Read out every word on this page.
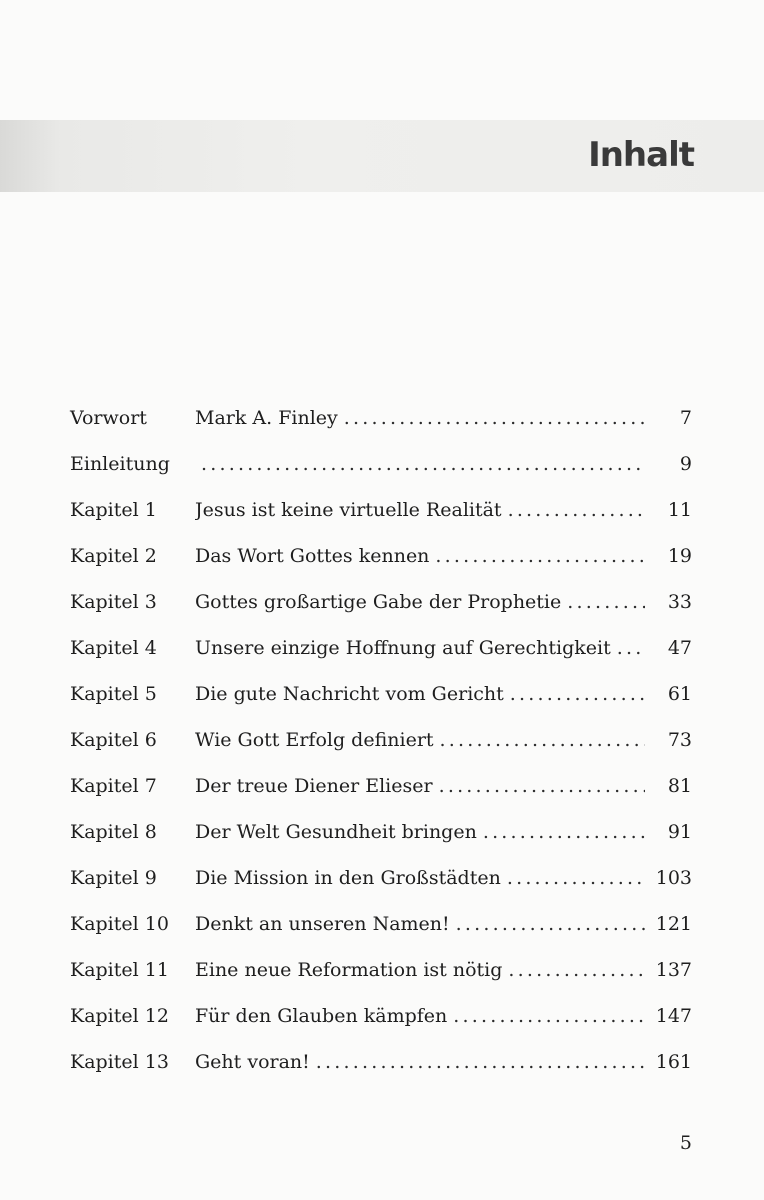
Inhalt
Vorwort	Mark A. Finley .....	7
Einleitung .....	9
Kapitel 1 Jesus ist keine virtuelle Realität .....	11
Kapitel 2 Das Wort Gottes kennen .....	19
Kapitel 3 Gottes großartige Gabe der Prophetie .....	33
Kapitel 4 Unsere einzige Hoffnung auf Gerechtigkeit .....	47
Kapitel 5 Die gute Nachricht vom Gericht .....	61
Kapitel 6 Wie Gott Erfolg definiert .....	73
Kapitel 7 Der treue Diener Elieser .....	81
Kapitel 8 Der Welt Gesundheit bringen .....	91
Kapitel 9 Die Mission in den Großstädten .....	103
Kapitel 10 Denkt an unseren Namen! .....	121
Kapitel 11 Eine neue Reformation ist nötig .....	137
Kapitel 12 Für den Glauben kämpfen .....	147
Kapitel 13 Geht voran! .....	161
5
